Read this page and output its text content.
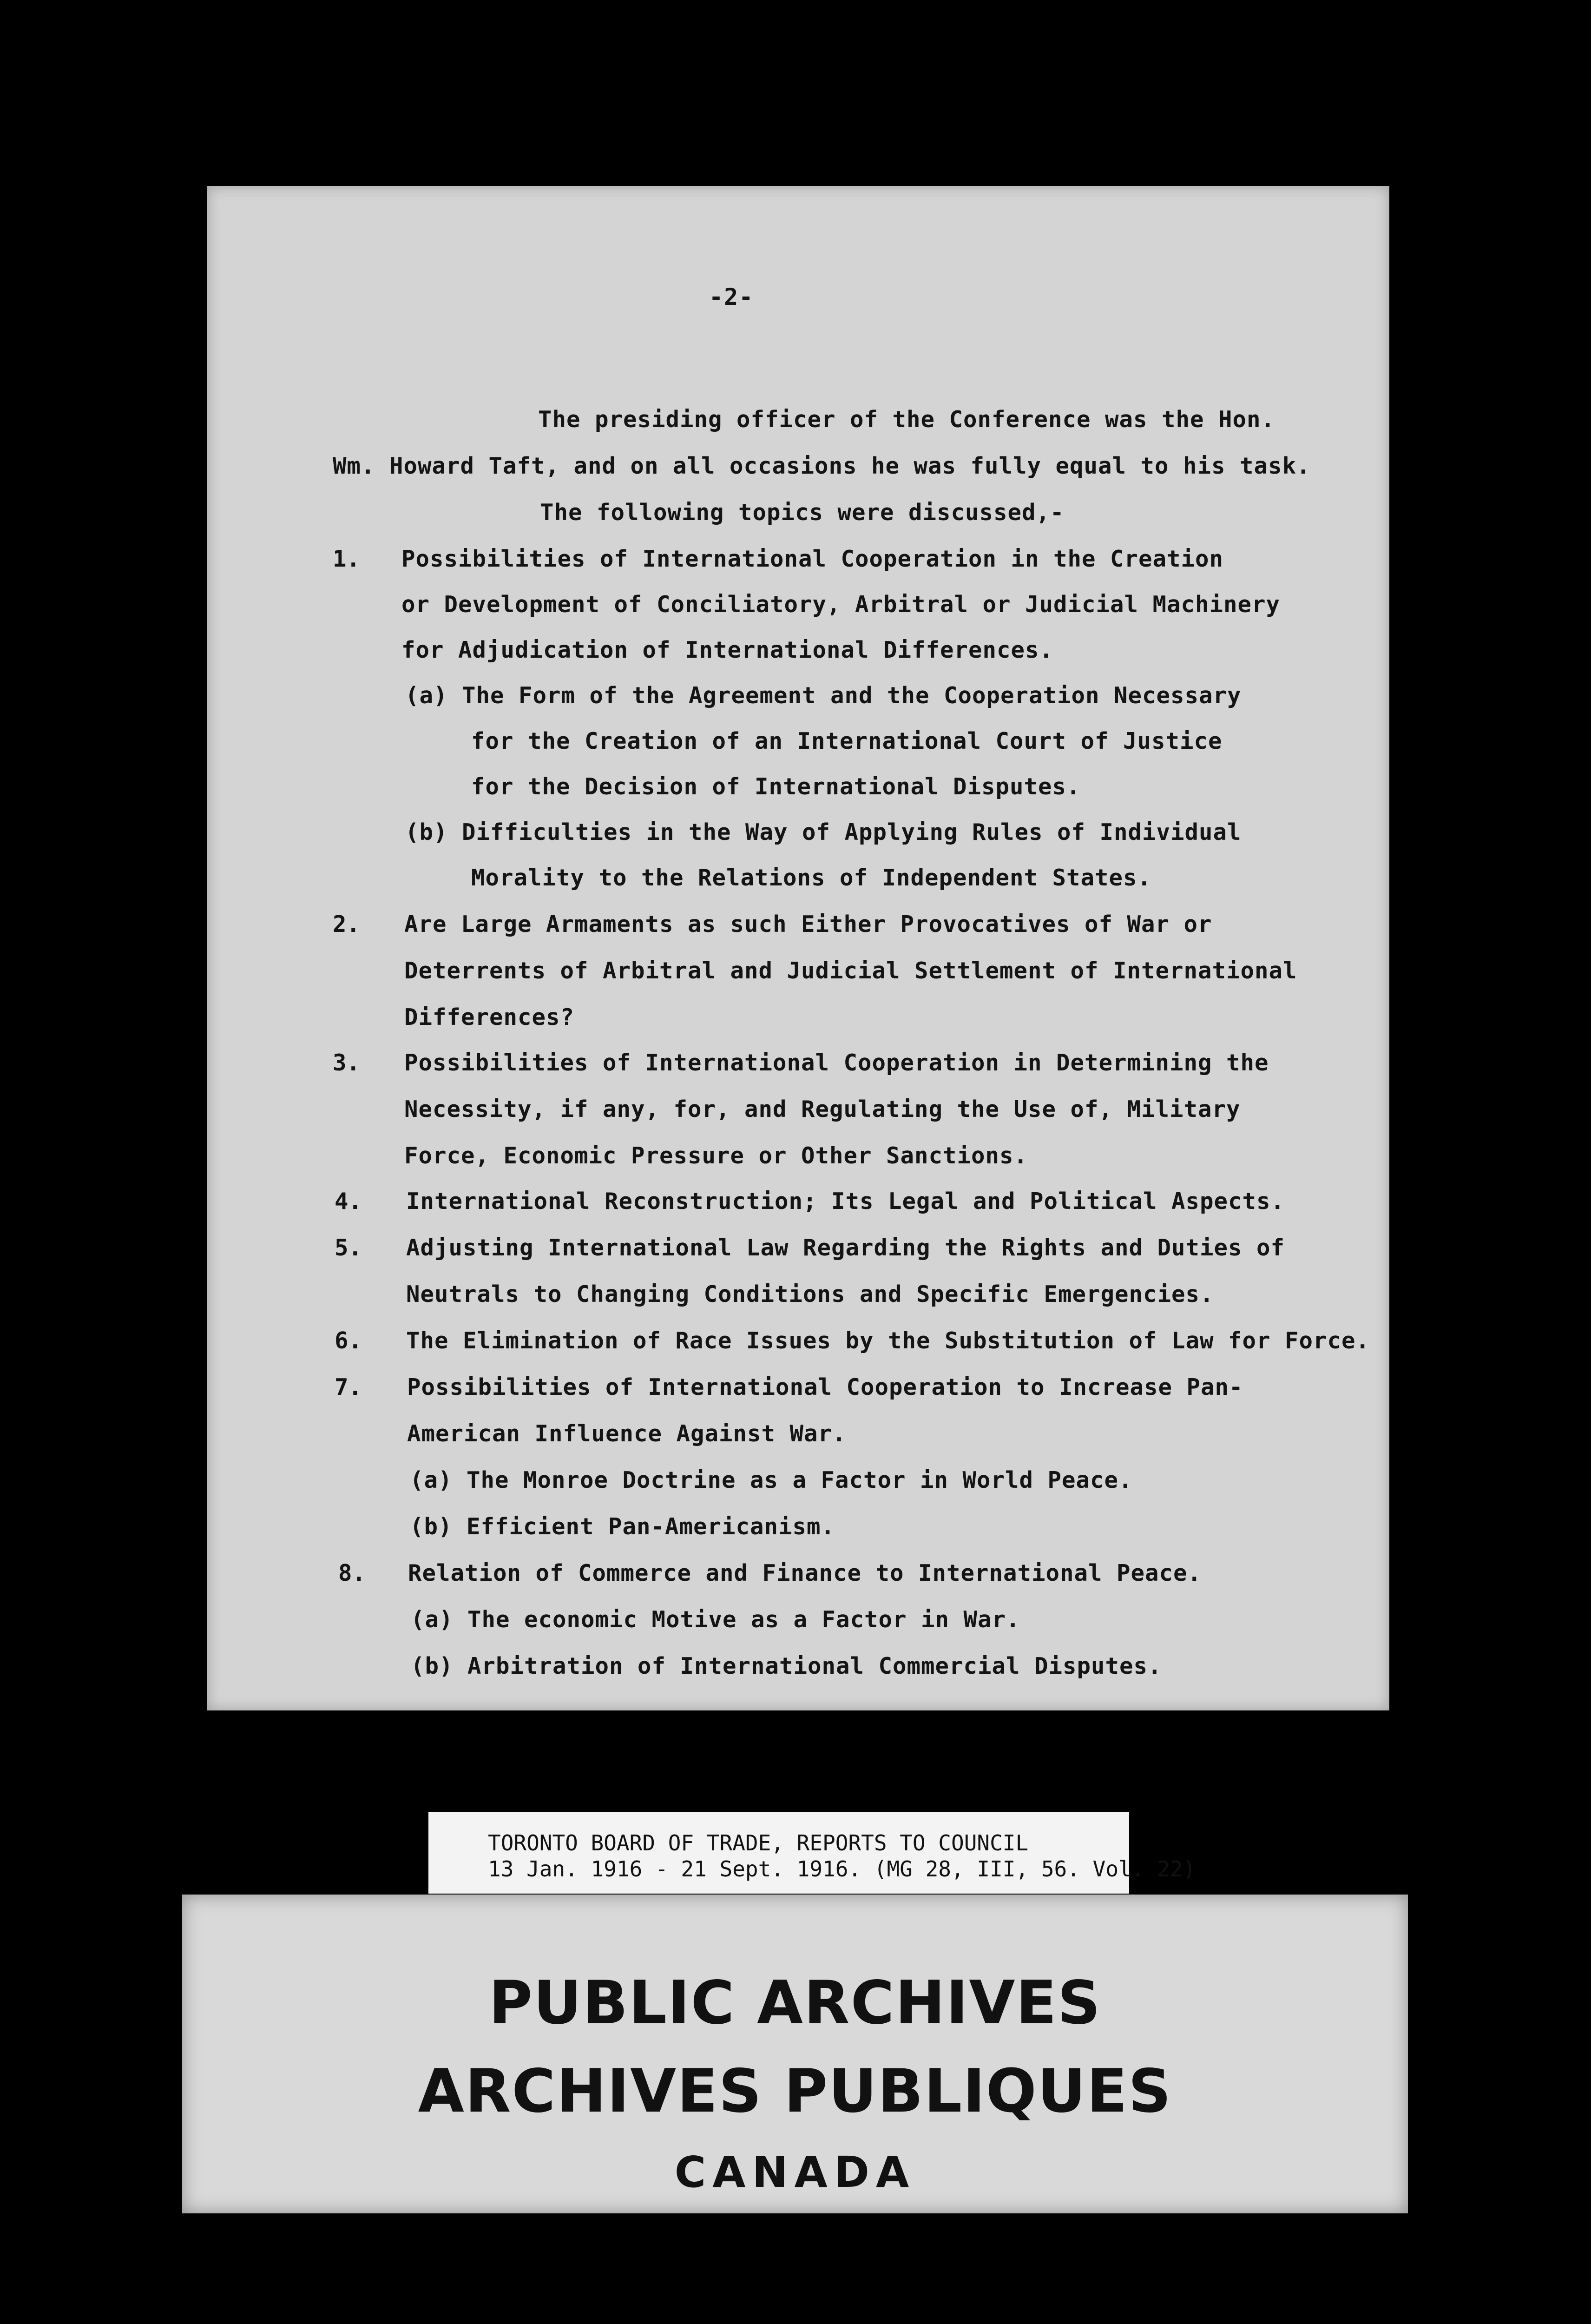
-2-
The presiding officer of the Conference was the Hon.
Wm. Howard Taft, and on all occasions he was fully equal to his task.
The following topics were discussed,-
1. Possibilities of International Cooperation in the Creation
or Development of Conciliatory, Arbitral or Judicial Machinery
for Adjudication of International Differences.
(a) The Form of the Agreement and the Cooperation Necessary
for the Creation of an International Court of Justice
for the Decision of International Disputes.
(b) Difficulties in the Way of Applying Rules of Individual
Morality to the Relations of Independent States.
2. Are Large Armaments as such Either Provocatives of War or
Deterrents of Arbitral and Judicial Settlement of International
Differences?
3. Possibilities of International Cooperation in Determining the
Necessity, if any, for, and Regulating the Use of, Military
Force, Economic Pressure or Other Sanctions.
4. International Reconstruction; Its Legal and Political Aspects.
5. Adjusting International Law Regarding the Rights and Duties of
Neutrals to Changing Conditions and Specific Emergencies.
6. The Elimination of Race Issues by the Substitution of Law for Force.
7. Possibilities of International Cooperation to Increase Pan-
American Influence Against War.
(a) The Monroe Doctrine as a Factor in World Peace.
(b) Efficient Pan-Americanism.
8. Relation of Commerce and Finance to International Peace.
(a) The economic Motive as a Factor in War.
(b) Arbitration of International Commercial Disputes.
TORONTO BOARD OF TRADE, REPORTS TO COUNCIL
13 Jan. 1916 - 21 Sept. 1916. (MG 28, III, 56. Vol. 22)
PUBLIC ARCHIVES
ARCHIVES PUBLIQUES
CANADA
